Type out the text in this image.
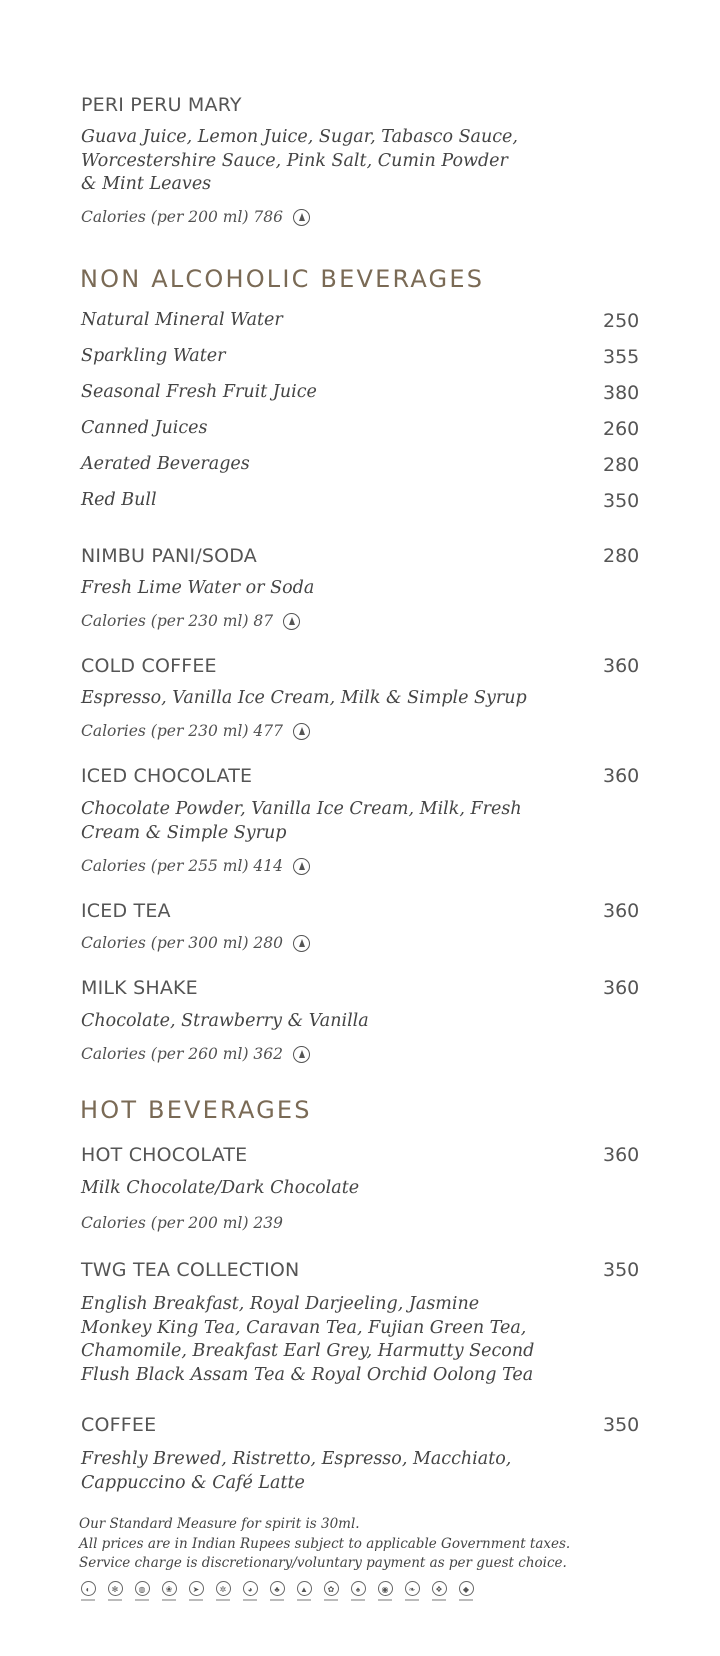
PERI PERU MARY
Guava Juice, Lemon Juice, Sugar, Tabasco Sauce,
Worcestershire Sauce, Pink Salt, Cumin Powder
& Mint Leaves
Calories (per 200 ml) 786
NON ALCOHOLIC BEVERAGES
Natural Mineral Water	250
Sparkling Water	355
Seasonal Fresh Fruit Juice	380
Canned Juices	260
Aerated Beverages	280
Red Bull	350
NIMBU PANI/SODA	280
Fresh Lime Water or Soda
Calories (per 230 ml) 87
COLD COFFEE	360
Espresso, Vanilla Ice Cream, Milk & Simple Syrup
Calories (per 230 ml) 477
ICED CHOCOLATE	360
Chocolate Powder, Vanilla Ice Cream, Milk, Fresh
Cream & Simple Syrup
Calories (per 255 ml) 414
ICED TEA	360
Calories (per 300 ml) 280
MILK SHAKE	360
Chocolate, Strawberry & Vanilla
Calories (per 260 ml) 362
HOT BEVERAGES
HOT CHOCOLATE	360
Milk Chocolate/Dark Chocolate
Calories (per 200 ml) 239
TWG TEA COLLECTION	350
English Breakfast, Royal Darjeeling, Jasmine
Monkey King Tea, Caravan Tea, Fujian Green Tea,
Chamomile, Breakfast Earl Grey, Harmutty Second
Flush Black Assam Tea & Royal Orchid Oolong Tea
COFFEE	350
Freshly Brewed, Ristretto, Espresso, Macchiato,
Cappuccino & Café Latte
Our Standard Measure for spirit is 30ml.
All prices are in Indian Rupees subject to applicable Government taxes.
Service charge is discretionary/voluntary payment as per guest choice.
◐	✻	◍	❀	➤	✲	◕	♣	▲	✿	♠	◉	❧	❖	◆
